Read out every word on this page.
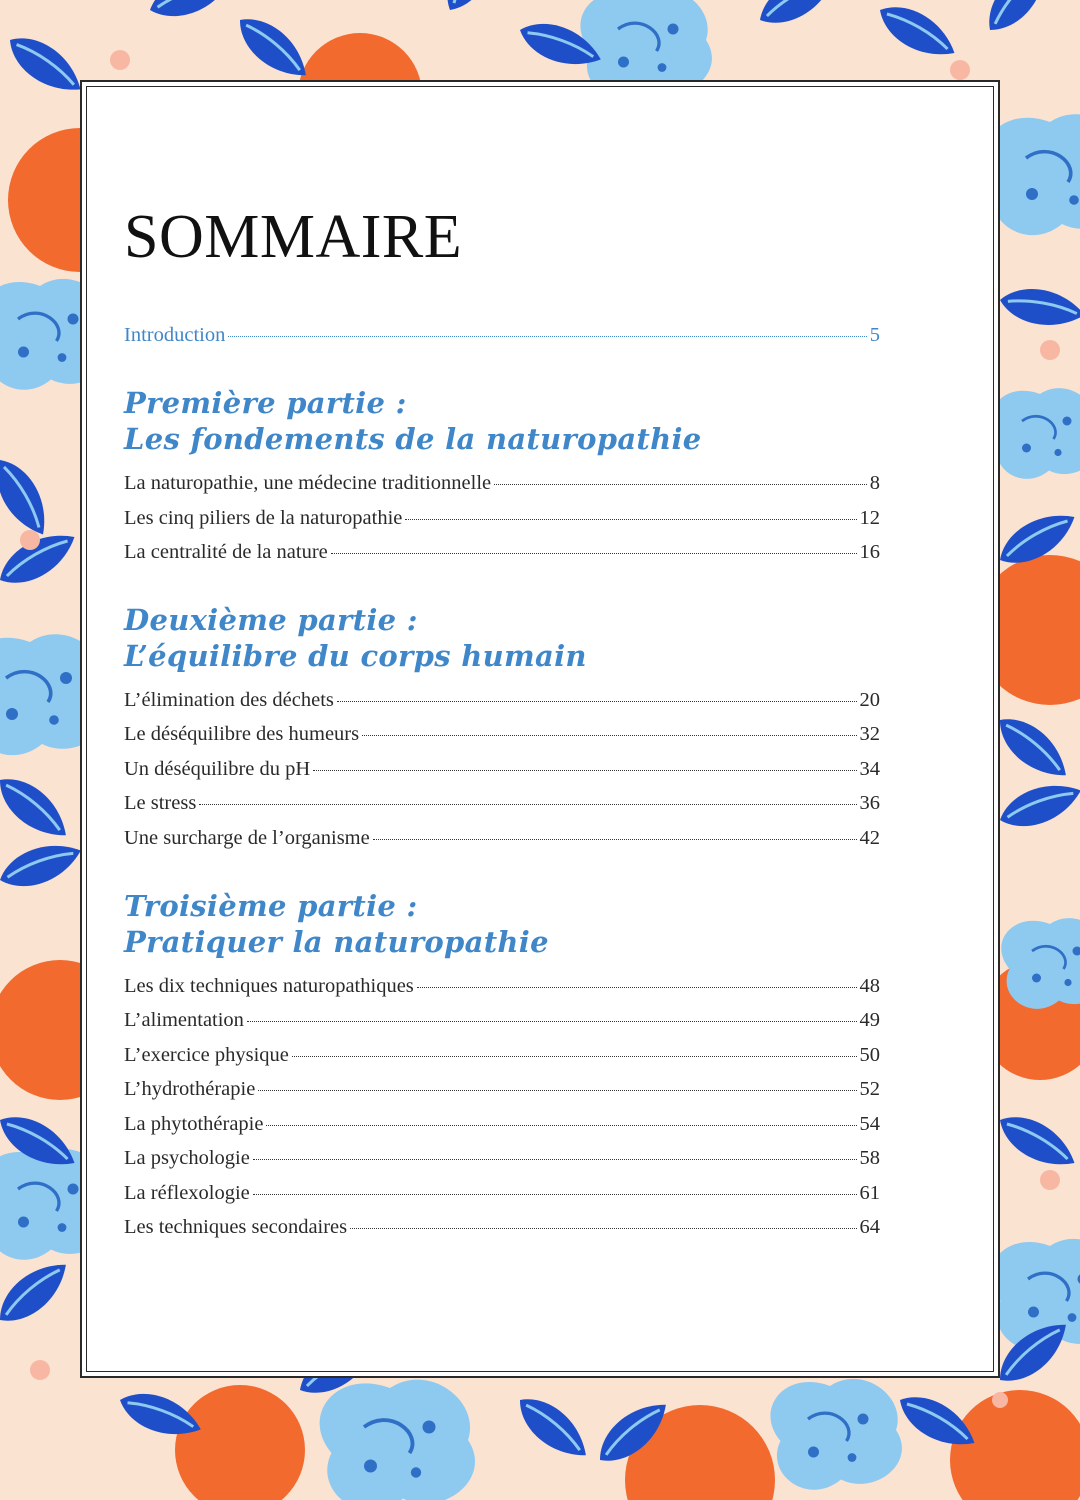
SOMMAIRE
Introduction	5
Première partie :
Les fondements de la naturopathie
La naturopathie, une médecine traditionnelle	8
Les cinq piliers de la naturopathie	12
La centralité de la nature	16
Deuxième partie :
L’équilibre du corps humain
L’élimination des déchets	20
Le déséquilibre des humeurs	32
Un déséquilibre du pH	34
Le stress	36
Une surcharge de l’organisme	42
Troisième partie :
Pratiquer la naturopathie
Les dix techniques naturopathiques	48
L’alimentation	49
L’exercice physique	50
L’hydrothérapie	52
La phytothérapie	54
La psychologie	58
La réflexologie	61
Les techniques secondaires	64
